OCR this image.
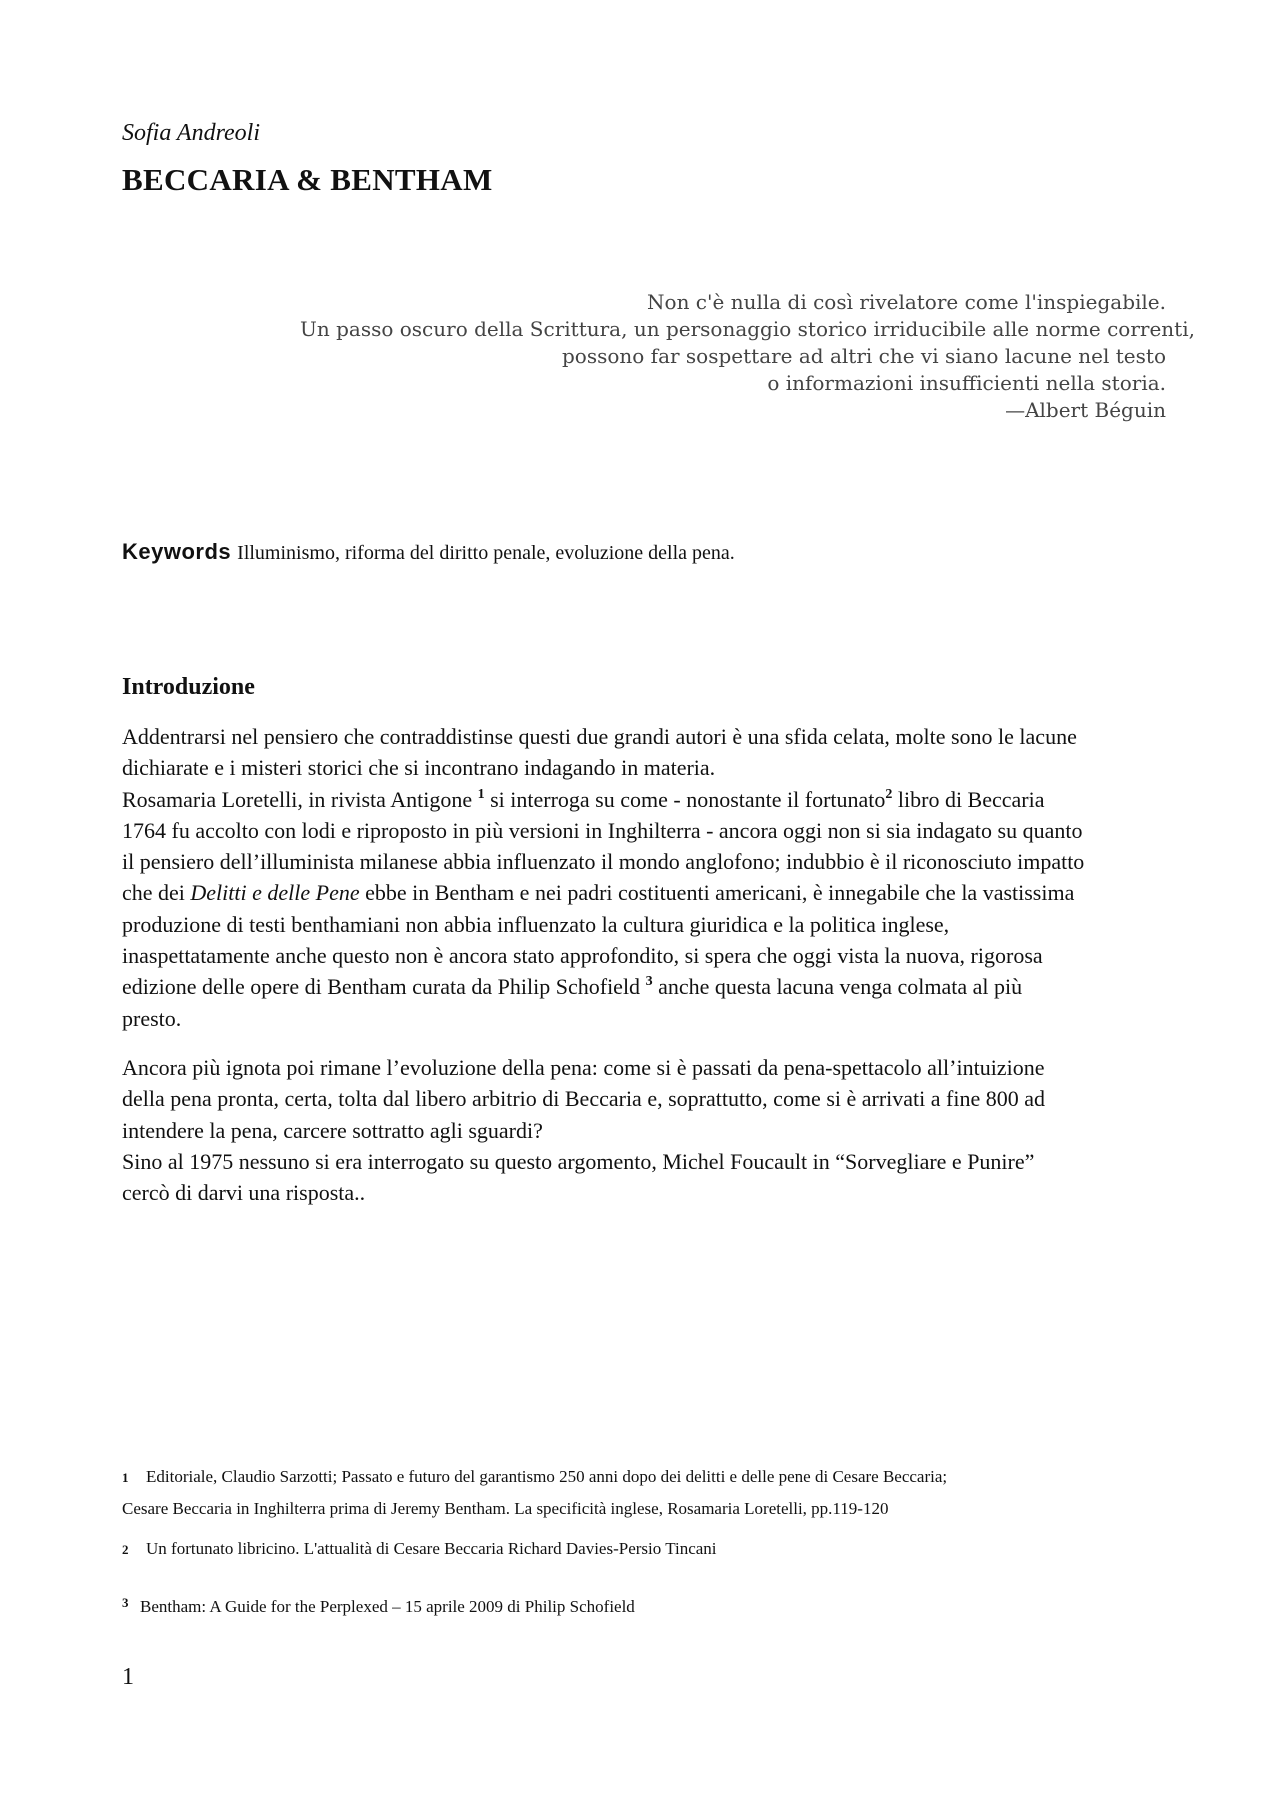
Sofia Andreoli
BECCARIA & BENTHAM
Non c'è nulla di così rivelatore come l'inspiegabile.
Un passo oscuro della Scrittura, un personaggio storico irriducibile alle norme correnti,
possono far sospettare ad altri che vi siano lacune nel testo
o informazioni insufficienti nella storia.
—Albert Béguin
Keywords Illuminismo, riforma del diritto penale, evoluzione della pena.
Introduzione

Addentrarsi nel pensiero che contraddistinse questi due grandi autori è una sfida celata, molte sono le lacune
dichiarate e i misteri storici che si incontrano indagando in materia.
Rosamaria Loretelli, in rivista Antigone $^1$ si interroga su come - nonostante il fortunato$^2$ libro di Beccaria
1764 fu accolto con lodi e riproposto in più versioni in Inghilterra - ancora oggi non si sia indagato su quanto
il pensiero dell’illuminista milanese abbia influenzato il mondo anglofono; indubbio è il riconosciuto impatto
che dei Delitti e delle Pene ebbe in Bentham e nei padri costituenti americani, è innegabile che la vastissima
produzione di testi benthamiani non abbia influenzato la cultura giuridica e la politica inglese,
inaspettatamente anche questo non è ancora stato approfondito, si spera che oggi vista la nuova, rigorosa
edizione delle opere di Bentham curata da Philip Schofield $^3$ anche questa lacuna venga colmata al più
presto.

Ancora più ignota poi rimane l’evoluzione della pena: come si è passati da pena-spettacolo all’intuizione
della pena pronta, certa, tolta dal libero arbitrio di Beccaria e, soprattutto, come si è arrivati a fine 800 ad
intendere la pena, carcere sottratto agli sguardi?
Sino al 1975 nessuno si era interrogato su questo argomento, Michel Foucault in “Sorvegliare e Punire”
cercò di darvi una risposta..

1 Editoriale, Claudio Sarzotti; Passato e futuro del garantismo 250 anni dopo dei delitti e delle pene di Cesare Beccaria;
Cesare Beccaria in Inghilterra prima di Jeremy Bentham. La specificità inglese, Rosamaria Loretelli, pp.119-120
2 Un fortunato libricino. L'attualità di Cesare Beccaria Richard Davies-Persio Tincani
3 Bentham: A Guide for the Perplexed – 15 aprile 2009 di Philip Schofield
1
